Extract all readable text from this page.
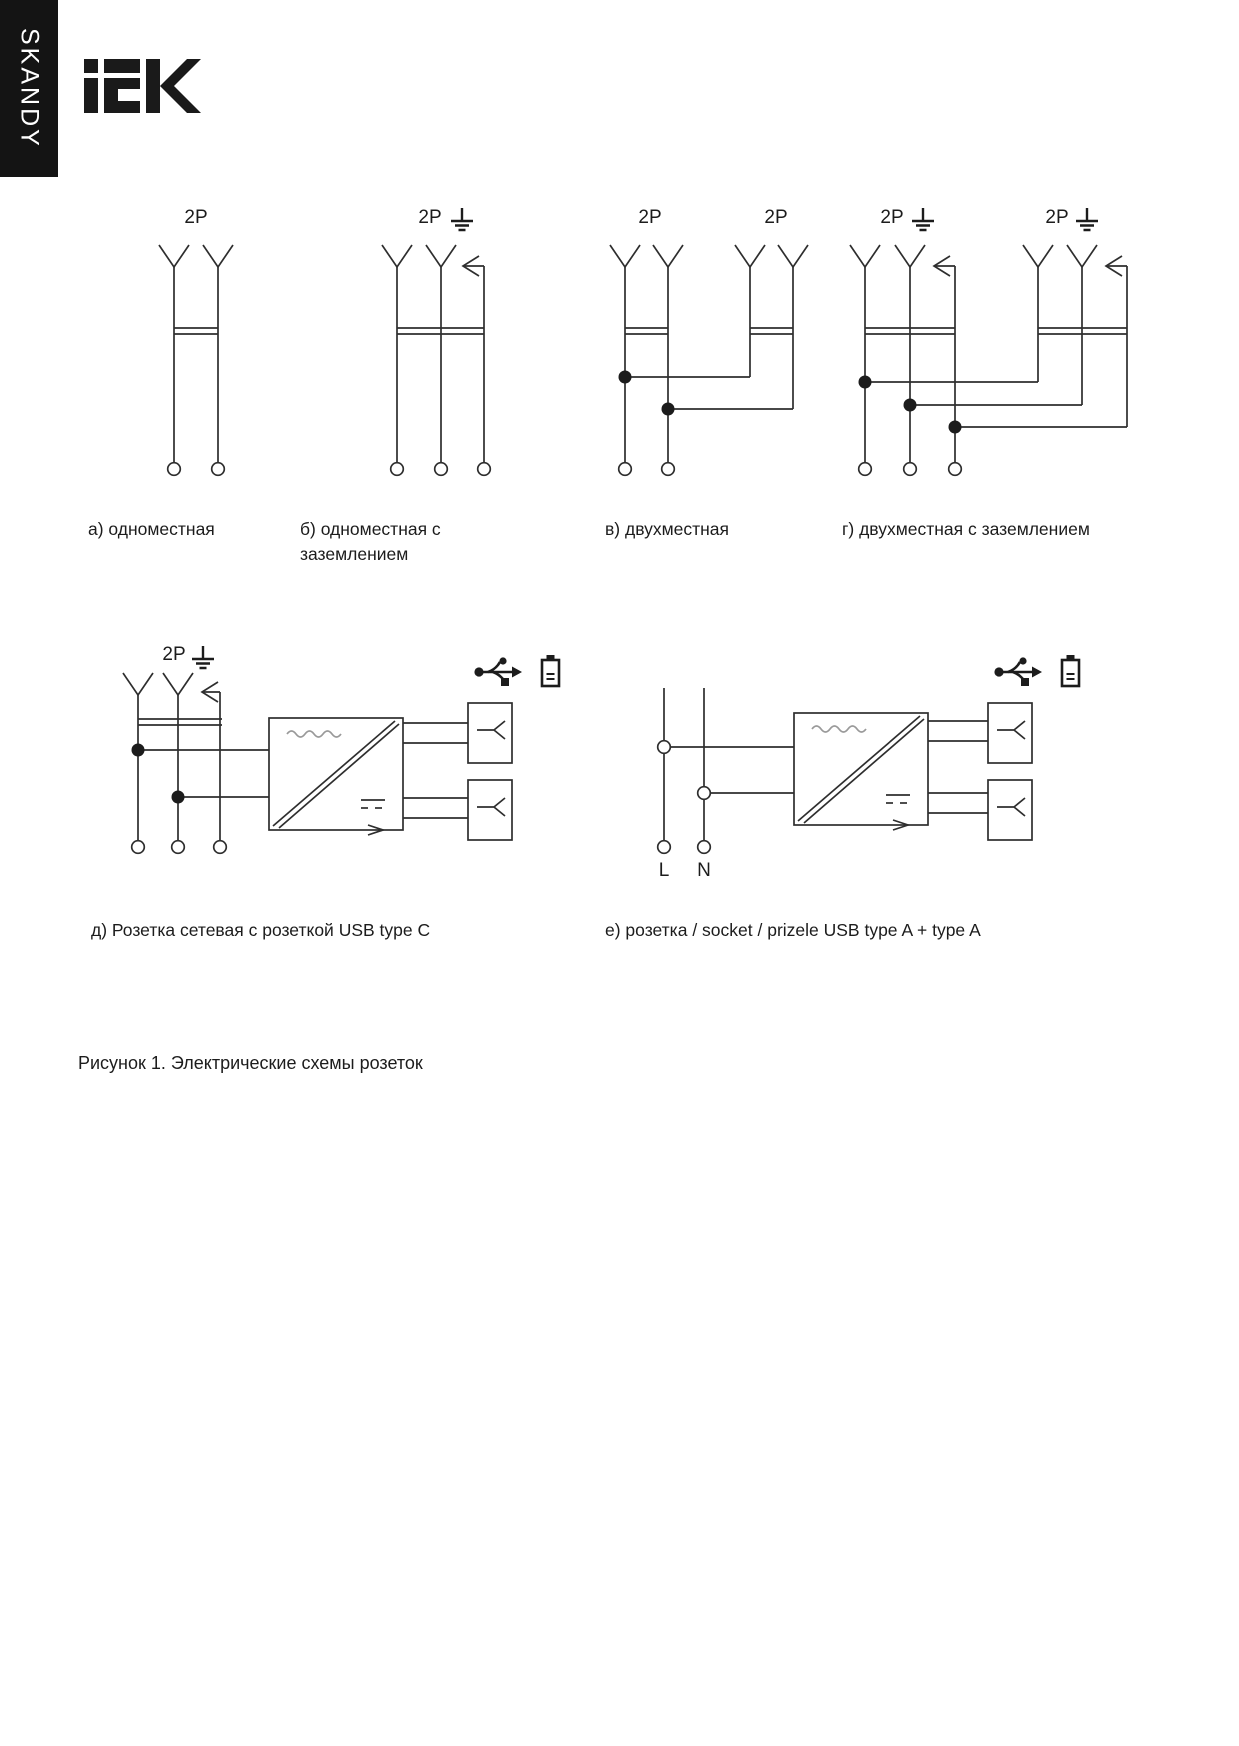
SKANDY
2P	2P	2P	2P	2P	2P
2P
L	N
а) одноместная	б) одноместная с
заземлением
в) двухместная	г) двухместная с заземлением
д) Розетка сетевая с розеткой USB type C	е) розетка / socket / prizele USB type A + type A
Рисунок 1. Электрические схемы розеток
